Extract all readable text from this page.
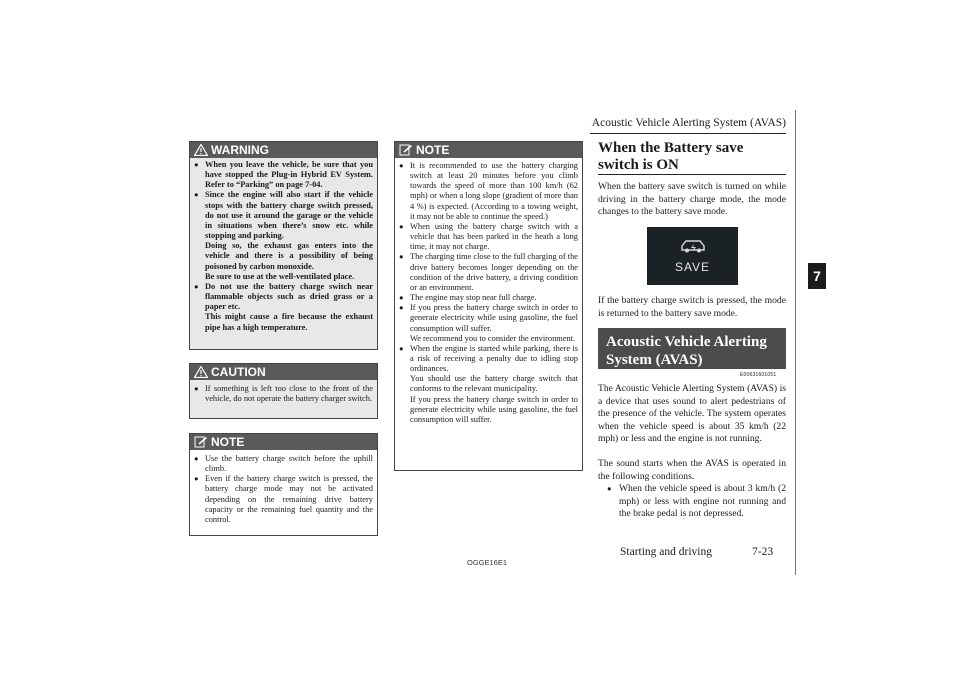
Acoustic Vehicle Alerting System (AVAS)
7
WARNING
● When you leave the vehicle, be sure that you have stopped the Plug-in Hybrid EV System. Refer to “Parking” on page 7-04.
● Since the engine will also start if the vehicle stops with the battery charge switch pressed, do not use it around the garage or the vehicle in situations when there’s snow etc. while stopping and parking.
Doing so, the exhaust gas enters into the vehicle and there is a possibility of being poisoned by carbon monoxide.
Be sure to use at the well-ventilated place.
● Do not use the battery charge switch near flammable objects such as dried grass or a paper etc.
This might cause a fire because the exhaust pipe has a high temperature.
CAUTION
● If something is left too close to the front of the vehicle, do not operate the battery charger switch.
NOTE
● Use the battery charge switch before the uphill climb.
● Even if the battery charge switch is pressed, the battery charge mode may not be activated depending on the remaining drive battery capacity or the remaining fuel quantity and the control.
NOTE
● It is recommended to use the battery charging switch at least 20 minutes before you climb towards the speed of more than 100 km/h (62 mph) or when a long slope (gradient of more than 4 %) is expected. (According to a towing weight, it may not be able to continue the speed.)
● When using the battery charge switch with a vehicle that has been parked in the heath a long time, it may not charge.
● The charging time close to the full charging of the drive battery becomes longer depending on the condition of the drive battery, a driving condition or an environment.
● The engine may stop near full charge.
● If you press the battery charge switch in order to generate electricity while using gasoline, the fuel consumption will suffer.
We recommend you to consider the environment.
● When the engine is started while parking, there is a risk of receiving a penalty due to idling stop ordinances.
You should use the battery charge switch that conforms to the relevant municipality.
If you press the battery charge switch in order to generate electricity while using gasoline, the fuel consumption will suffer.
When the Battery save switch is ON
When the battery save switch is turned on while driving in the battery charge mode, the mode changes to the battery save mode.
SAVE
If the battery charge switch is pressed, the mode is returned to the battery save mode.
Acoustic Vehicle Alerting System (AVAS)
E00631601051
The Acoustic Vehicle Alerting System (AVAS) is a device that uses sound to alert pedestrians of the presence of the vehicle. The system operates when the vehicle speed is about 35 km/h (22 mph) or less and the engine is not running.
The sound starts when the AVAS is operated in the following conditions.
● When the vehicle speed is about 3 km/h (2 mph) or less with engine not running and the brake pedal is not depressed.
OGGE16E1
Starting and driving	7-23
